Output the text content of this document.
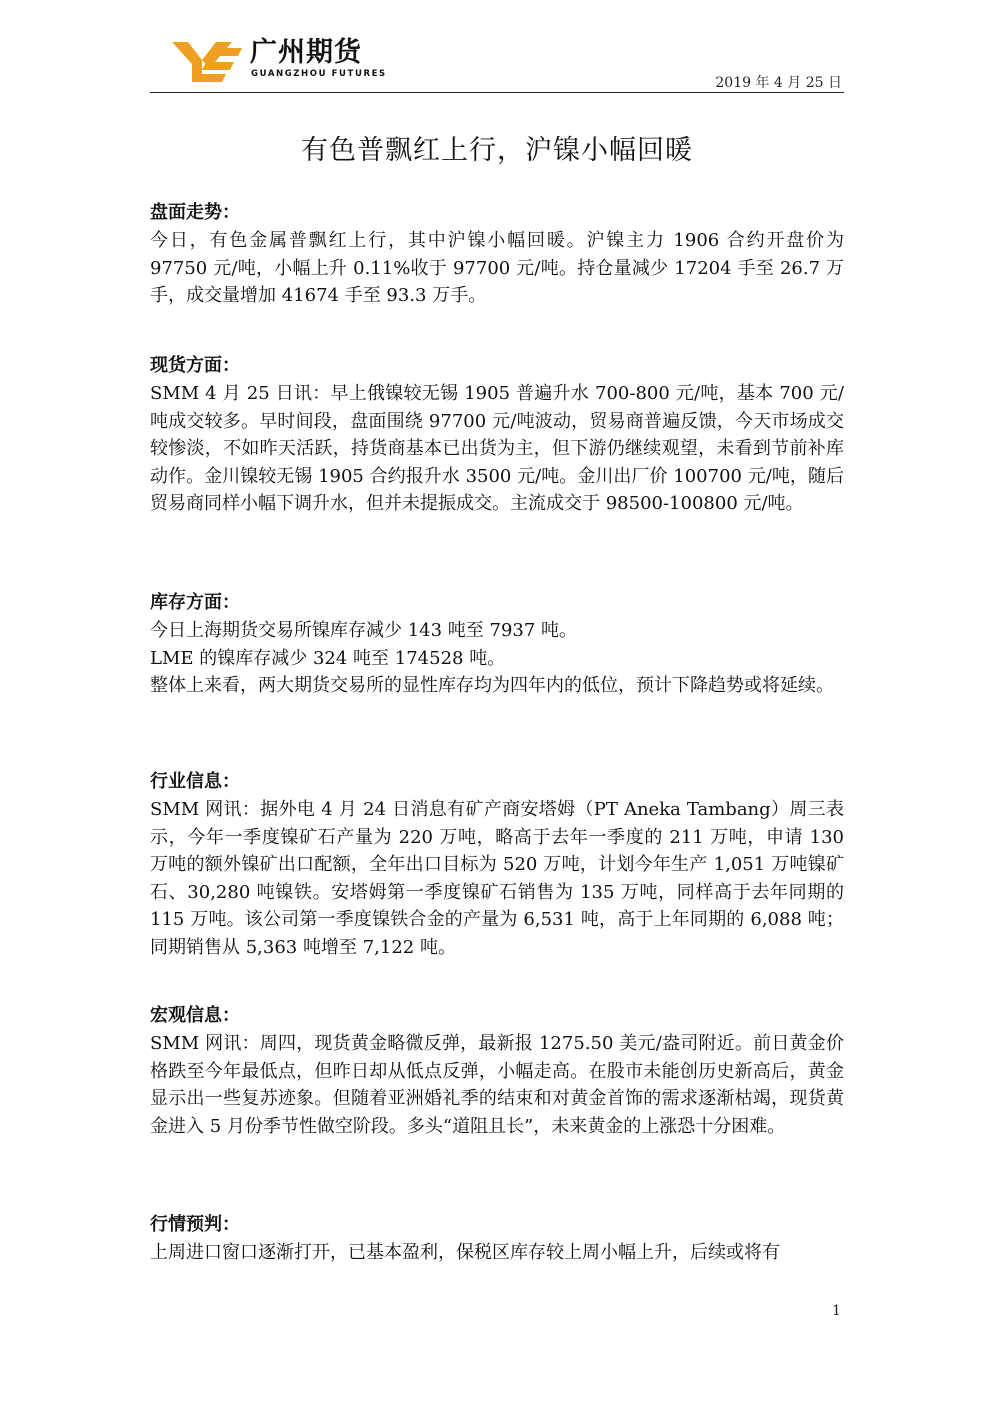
广州期货
GUANGZHOU FUTURES
2019 年 4 月 25 日
有色普飘红上行，沪镍小幅回暖
盘面走势：
今日，有色金属普飘红上行，其中沪镍小幅回暖。沪镍主力 1906 合约开盘价为 97750 元/吨，小幅上升 0.11%收于 97700 元/吨。持仓量减少 17204 手至 26.7 万手，成交量增加 41674 手至 93.3 万手。
现货方面：
SMM 4 月 25 日讯：早上俄镍较无锡 1905 普遍升水 700-800 元/吨，基本 700 元/吨成交较多。早时间段，盘面围绕 97700 元/吨波动，贸易商普遍反馈，今天市场成交较惨淡，不如昨天活跃，持货商基本已出货为主，但下游仍继续观望，未看到节前补库动作。金川镍较无锡 1905 合约报升水 3500 元/吨。金川出厂价 100700 元/吨，随后贸易商同样小幅下调升水，但并未提振成交。主流成交于 98500-100800 元/吨。
库存方面：
今日上海期货交易所镍库存减少 143 吨至 7937 吨。
LME 的镍库存减少 324 吨至 174528 吨。
整体上来看，两大期货交易所的显性库存均为四年内的低位，预计下降趋势或将延续。
行业信息：
SMM 网讯：据外电 4 月 24 日消息有矿产商安塔姆（PT Aneka Tambang）周三表示，今年一季度镍矿石产量为 220 万吨，略高于去年一季度的 211 万吨，申请 130 万吨的额外镍矿出口配额，全年出口目标为 520 万吨，计划今年生产 1,051 万吨镍矿石、30,280 吨镍铁。安塔姆第一季度镍矿石销售为 135 万吨，同样高于去年同期的 115 万吨。该公司第一季度镍铁合金的产量为 6,531 吨，高于上年同期的 6,088 吨；同期销售从 5,363 吨增至 7,122 吨。
宏观信息：
SMM 网讯：周四，现货黄金略微反弹，最新报 1275.50 美元/盎司附近。前日黄金价格跌至今年最低点，但昨日却从低点反弹，小幅走高。在股市未能创历史新高后，黄金显示出一些复苏迹象。但随着亚洲婚礼季的结束和对黄金首饰的需求逐渐枯竭，现货黄金进入 5 月份季节性做空阶段。多头“道阻且长”，未来黄金的上涨恐十分困难。
行情预判：
上周进口窗口逐渐打开，已基本盈利，保税区库存较上周小幅上升，后续或将有
1
